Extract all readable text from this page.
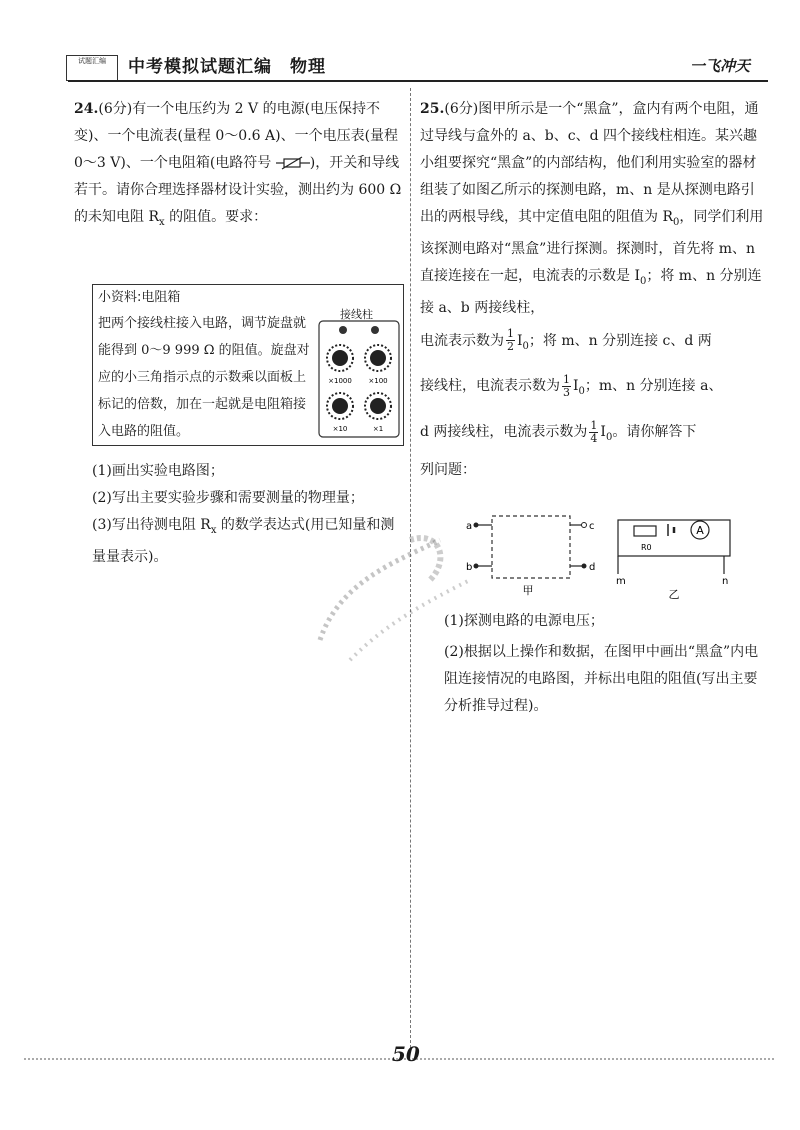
试题汇编	中考模拟试题汇编　物理	一飞冲天
24.(6分)有一个电压约为 2 V 的电源(电压保持不变)、一个电流表(量程 0～0.6 A)、一个电压表(量程 0～3 V)、一个电阻箱(电路符号	)，开关和导线若干。请你合理选择器材设计实验，测出约为 600 Ω 的未知电阻 $R_x$ 的阻值。要求：
小资料:电阻箱
把两个接线柱接入电路，调节旋盘就能得到 0～9 999 Ω 的阻值。旋盘对应的小三角指示点的示数乘以面板上标记的倍数，加在一起就是电阻箱接入电路的阻值。
接线柱
×1000 ×100
×10	×1
(1)画出实验电路图；
(2)写出主要实验步骤和需要测量的物理量；
(3)写出待测电阻 $R_x$ 的数学表达式(用已知量和测量量表示)。
25.(6分)图甲所示是一个“黑盒”，盒内有两个电阻，通过导线与盒外的 a、b、c、d 四个接线柱相连。某兴趣小组要探究“黑盒”的内部结构，他们利用实验室的器材组装了如图乙所示的探测电路，m、n 是从探测电路引出的两根导线，其中定值电阻的阻值为 $R_0$，同学们利用该探测电路对“黑盒”进行探测。探测时，首先将 m、n 直接连接在一起，电流表的示数是 $I_0$；将 m、n 分别连接 a、b 两接线柱，
电流表示数为 $\frac{1}{2} I_0$；将 m、n 分别连接 c、d 两
接线柱，电流表示数为 $\frac{1}{3} I_0$；m、n 分别连接 a、
d 两接线柱，电流表示数为 $\frac{1}{4} I_0$。请你解答下
列问题：
a
b
c
d
甲
R0
A
m	n
乙
(1)探测电路的电源电压；
(2)根据以上操作和数据，在图甲中画出“黑盒”内电阻连接情况的电路图，并标出电阻的阻值(写出主要分析推导过程)。
50
